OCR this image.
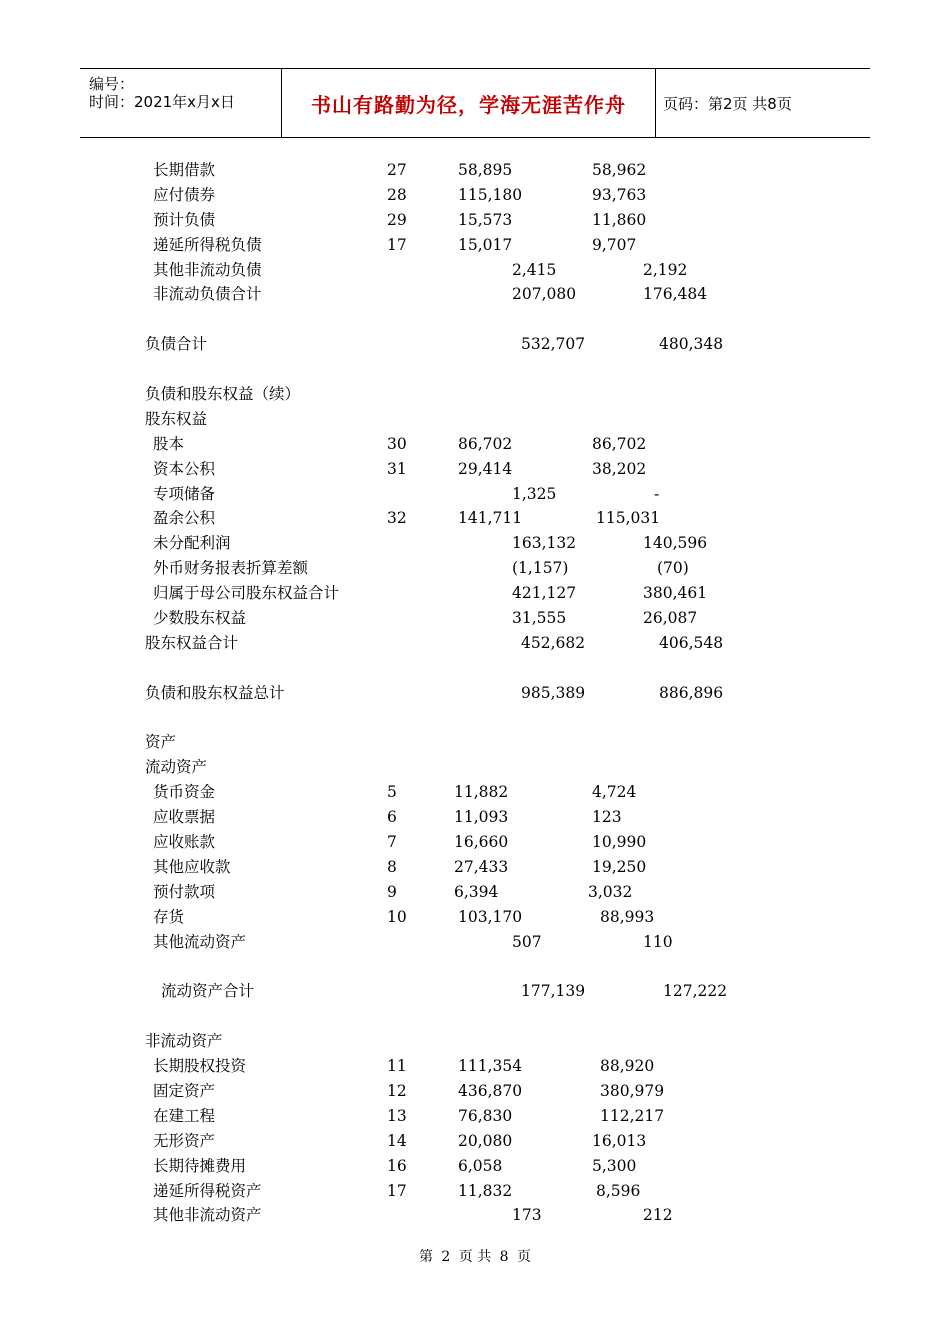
编号：
时间：2021年x月x日	书山有路勤为径，学海无涯苦作舟	页码：第2页 共8页
长期借款	27	58,895	58,962
应付债券	28	115,180	93,763
预计负债	29	15,573	11,860
递延所得税负债	17	15,017	9,707
其他非流动负债	2,415	2,192
非流动负债合计	207,080	176,484
负债合计	532,707	480,348
负债和股东权益（续）
股东权益
股本	30	86,702	86,702
资本公积	31	29,414	38,202
专项储备	1,325	-
盈余公积	32	141,711	115,031
未分配利润	163,132	140,596
外币财务报表折算差额	(1,157)	(70)
归属于母公司股东权益合计	421,127	380,461
少数股东权益	31,555	26,087
股东权益合计	452,682	406,548
负债和股东权益总计	985,389	886,896
资产
流动资产
货币资金	5	11,882	4,724
应收票据	6	11,093	123
应收账款	7	16,660	10,990
其他应收款	8	27,433	19,250
预付款项	9	6,394	3,032
存货	10	103,170	88,993
其他流动资产	507	110
流动资产合计	177,139	127,222
非流动资产
长期股权投资	11	111,354	88,920
固定资产	12	436,870	380,979
在建工程	13	76,830	112,217
无形资产	14	20,080	16,013
长期待摊费用	16	6,058	5,300
递延所得税资产	17	11,832	8,596
其他非流动资产	173	212
第 2 页 共 8 页
